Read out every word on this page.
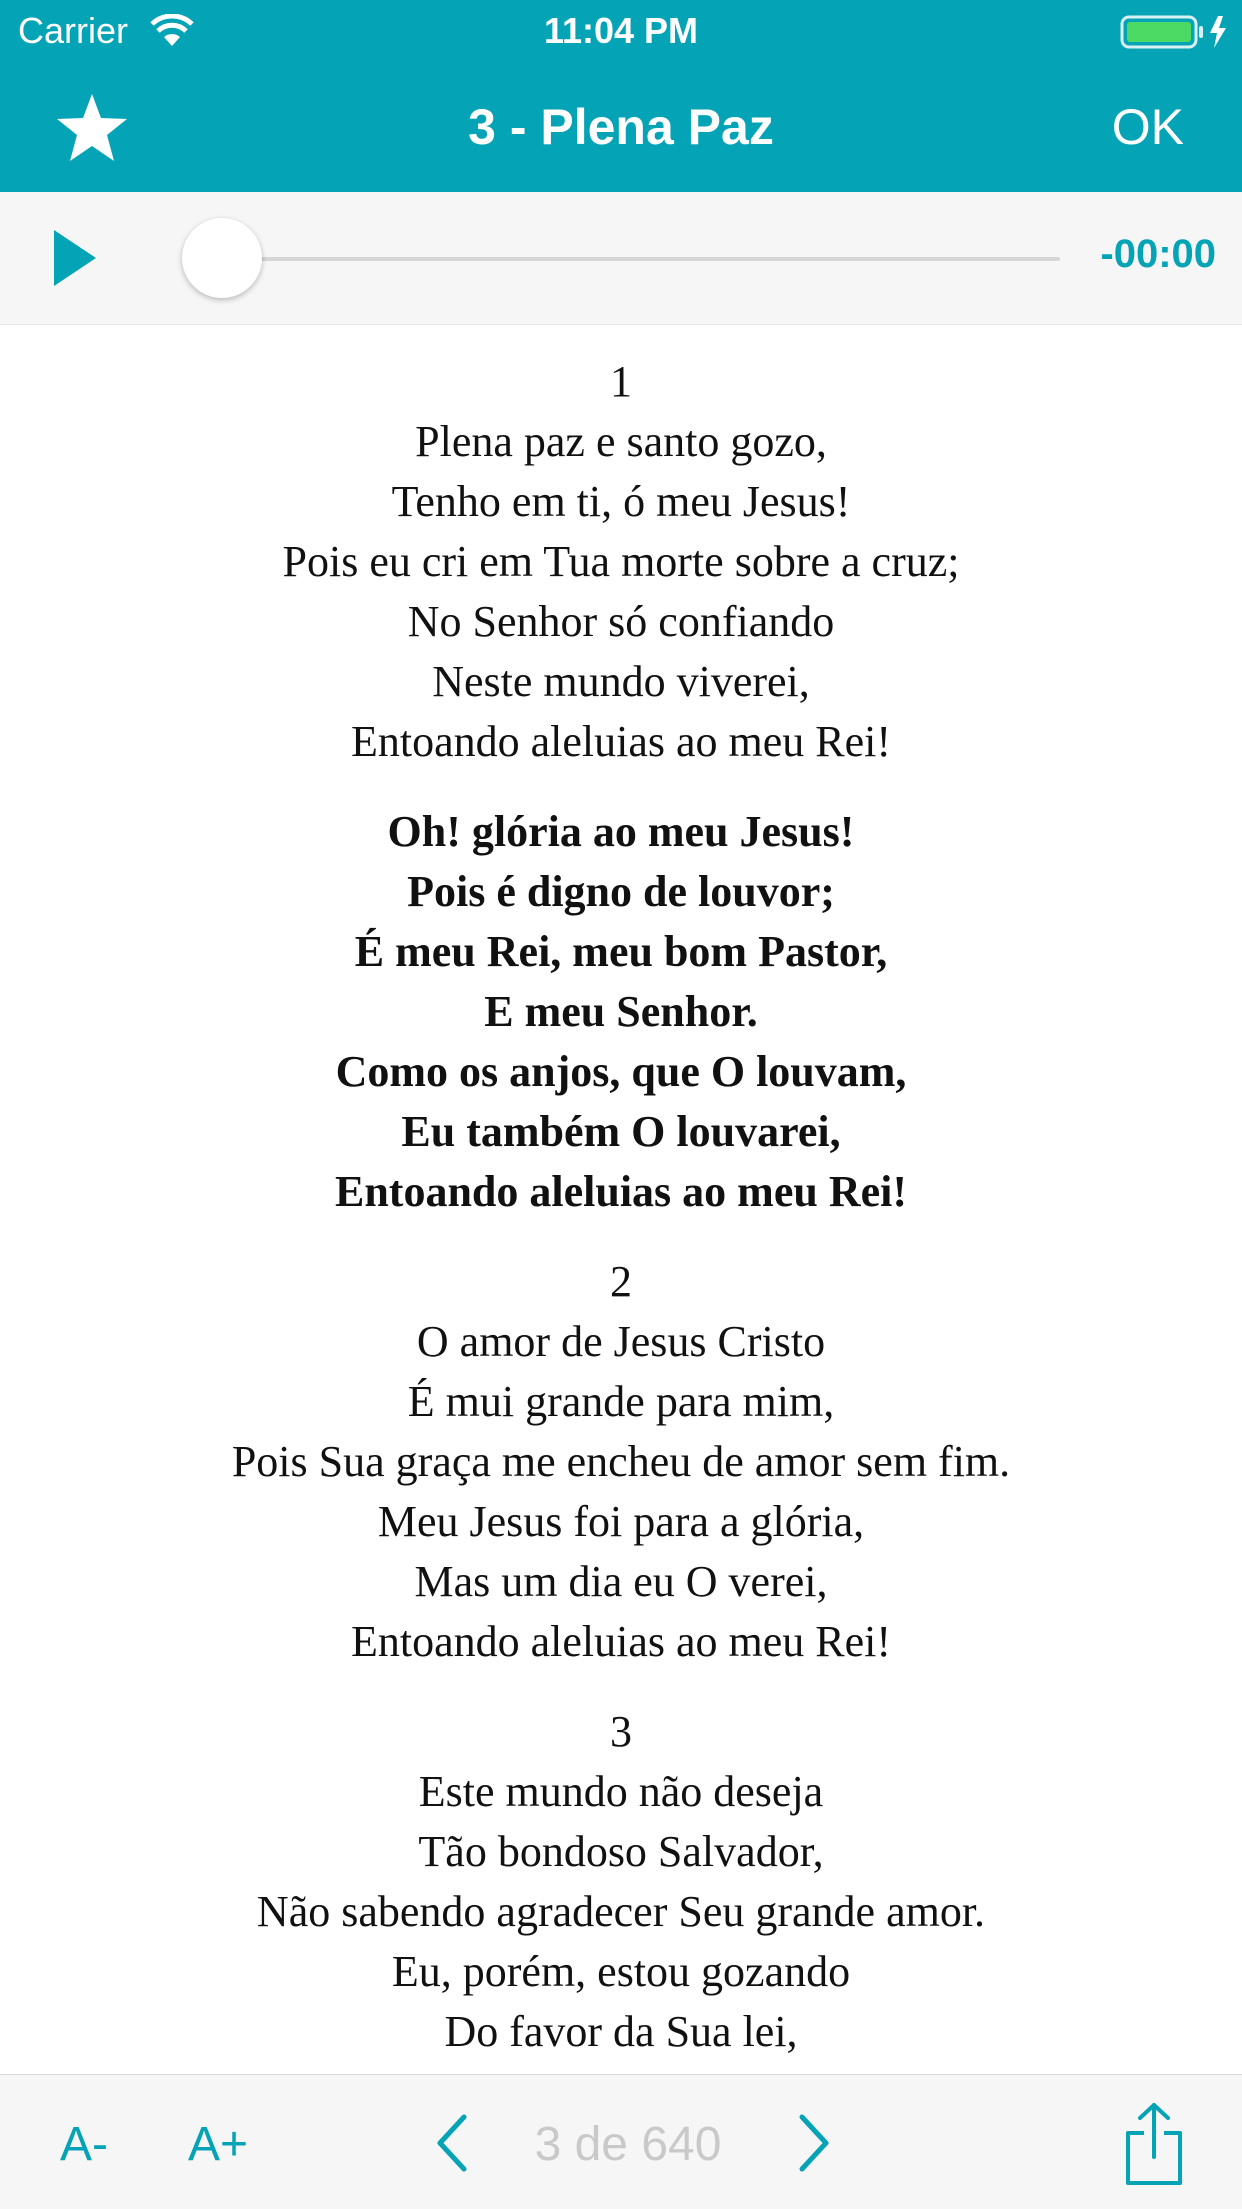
Carrier	11:04 PM
3 - Plena Paz	OK
-00:00
1
Plena paz e santo gozo,
Tenho em ti, ó meu Jesus!
Pois eu cri em Tua morte sobre a cruz;
No Senhor só confiando
Neste mundo viverei,
Entoando aleluias ao meu Rei!
Oh! glória ao meu Jesus!
Pois é digno de louvor;
É meu Rei, meu bom Pastor,
E meu Senhor.
Como os anjos, que O louvam,
Eu também O louvarei,
Entoando aleluias ao meu Rei!
2
O amor de Jesus Cristo
É mui grande para mim,
Pois Sua graça me encheu de amor sem fim.
Meu Jesus foi para a glória,
Mas um dia eu O verei,
Entoando aleluias ao meu Rei!
3
Este mundo não deseja
Tão bondoso Salvador,
Não sabendo agradecer Seu grande amor.
Eu, porém, estou gozando
Do favor da Sua lei,
A- A+	3 de 640
